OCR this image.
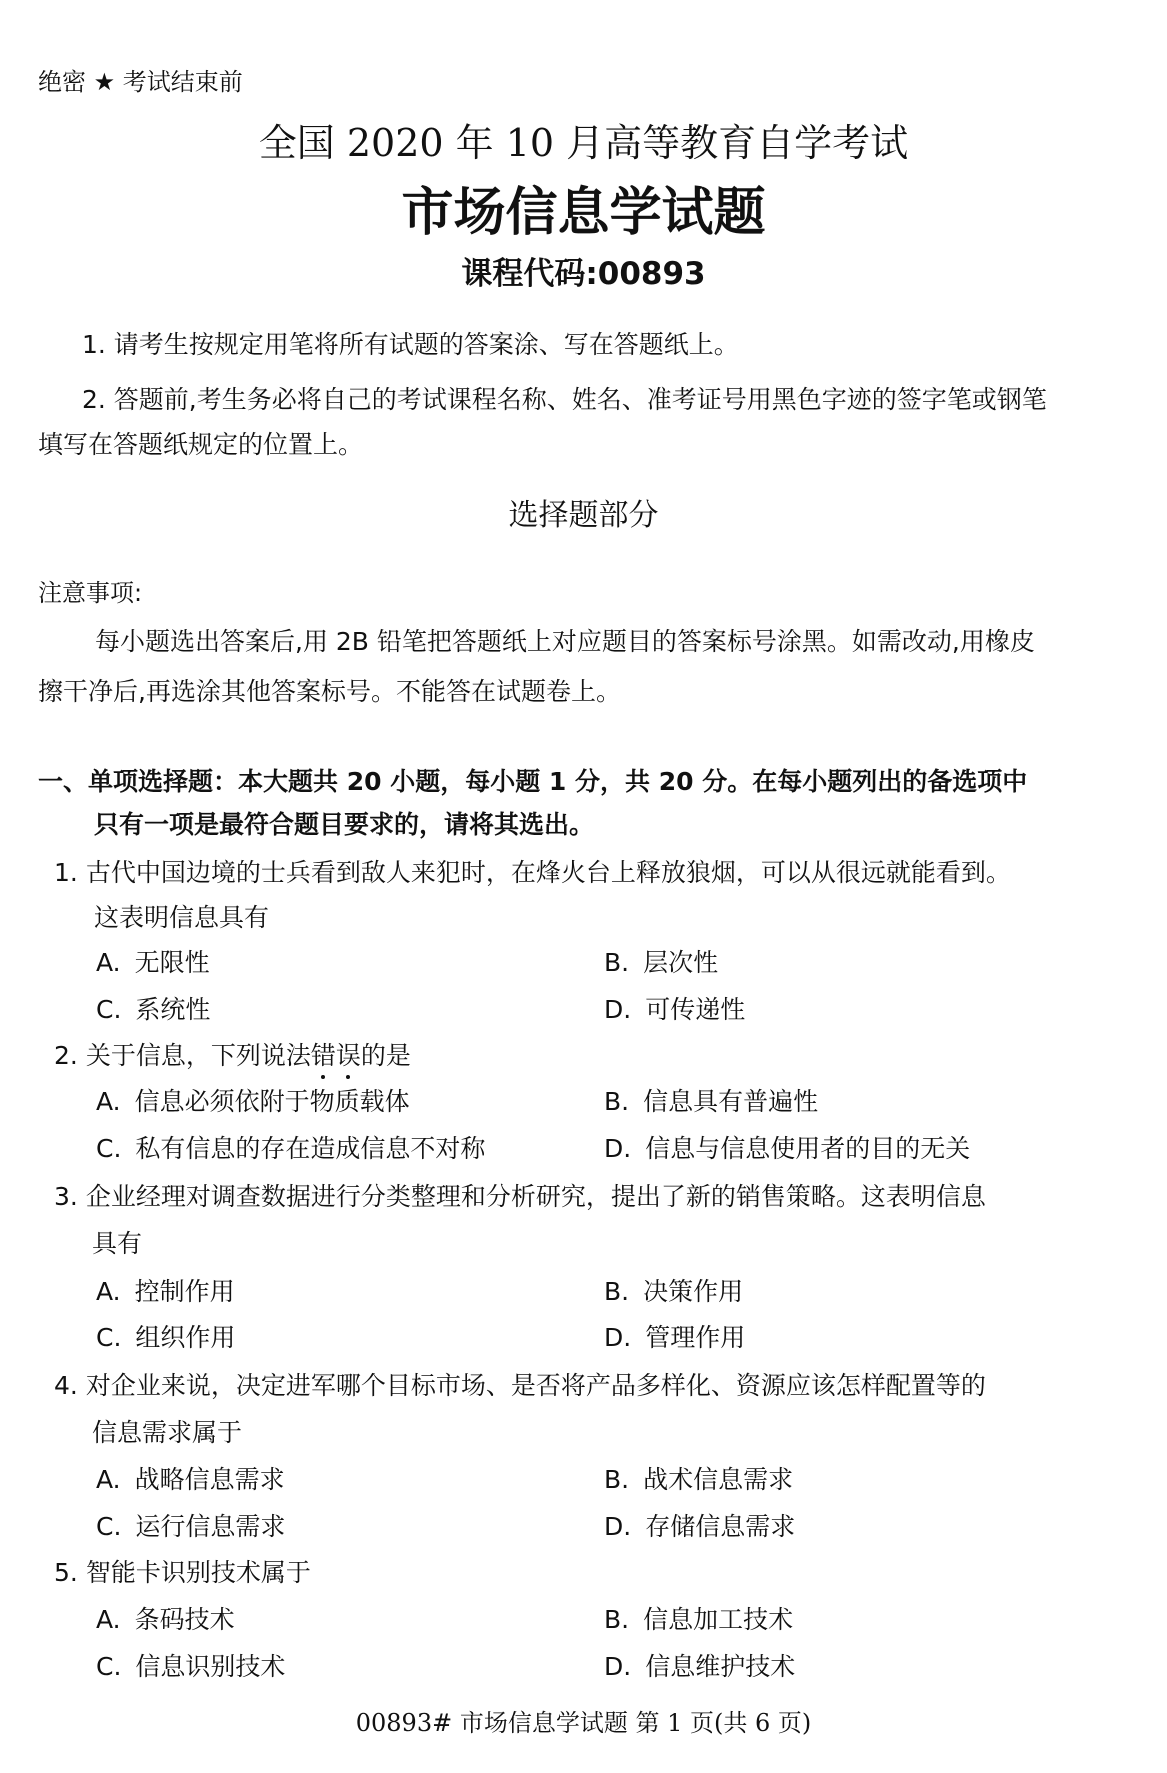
绝密 ★ 考试结束前
全国 2020 年 10 月高等教育自学考试
市场信息学试题
课程代码:00893
1. 请考生按规定用笔将所有试题的答案涂、写在答题纸上。
2. 答题前,考生务必将自己的考试课程名称、姓名、准考证号用黑色字迹的签字笔或钢笔
填写在答题纸规定的位置上。
选择题部分
注意事项:
每小题选出答案后,用 2B 铅笔把答题纸上对应题目的答案标号涂黑。如需改动,用橡皮
擦干净后,再选涂其他答案标号。不能答在试题卷上。
一、单项选择题：本大题共 20 小题，每小题 1 分，共 20 分。在每小题列出的备选项中
只有一项是最符合题目要求的，请将其选出。
1. 古代中国边境的士兵看到敌人来犯时，在烽火台上释放狼烟，可以从很远就能看到。
这表明信息具有
A. 无限性	B. 层次性
C. 系统性	D. 可传递性
2. 关于信息，下列说法错误的是
A. 信息必须依附于物质载体	B. 信息具有普遍性
C. 私有信息的存在造成信息不对称	D. 信息与信息使用者的目的无关
3. 企业经理对调查数据进行分类整理和分析研究，提出了新的销售策略。这表明信息
具有
A. 控制作用	B. 决策作用
C. 组织作用	D. 管理作用
4. 对企业来说，决定进军哪个目标市场、是否将产品多样化、资源应该怎样配置等的
信息需求属于
A. 战略信息需求	B. 战术信息需求
C. 运行信息需求	D. 存储信息需求
5. 智能卡识别技术属于
A. 条码技术	B. 信息加工技术
C. 信息识别技术	D. 信息维护技术
00893# 市场信息学试题 第 1 页(共 6 页)
